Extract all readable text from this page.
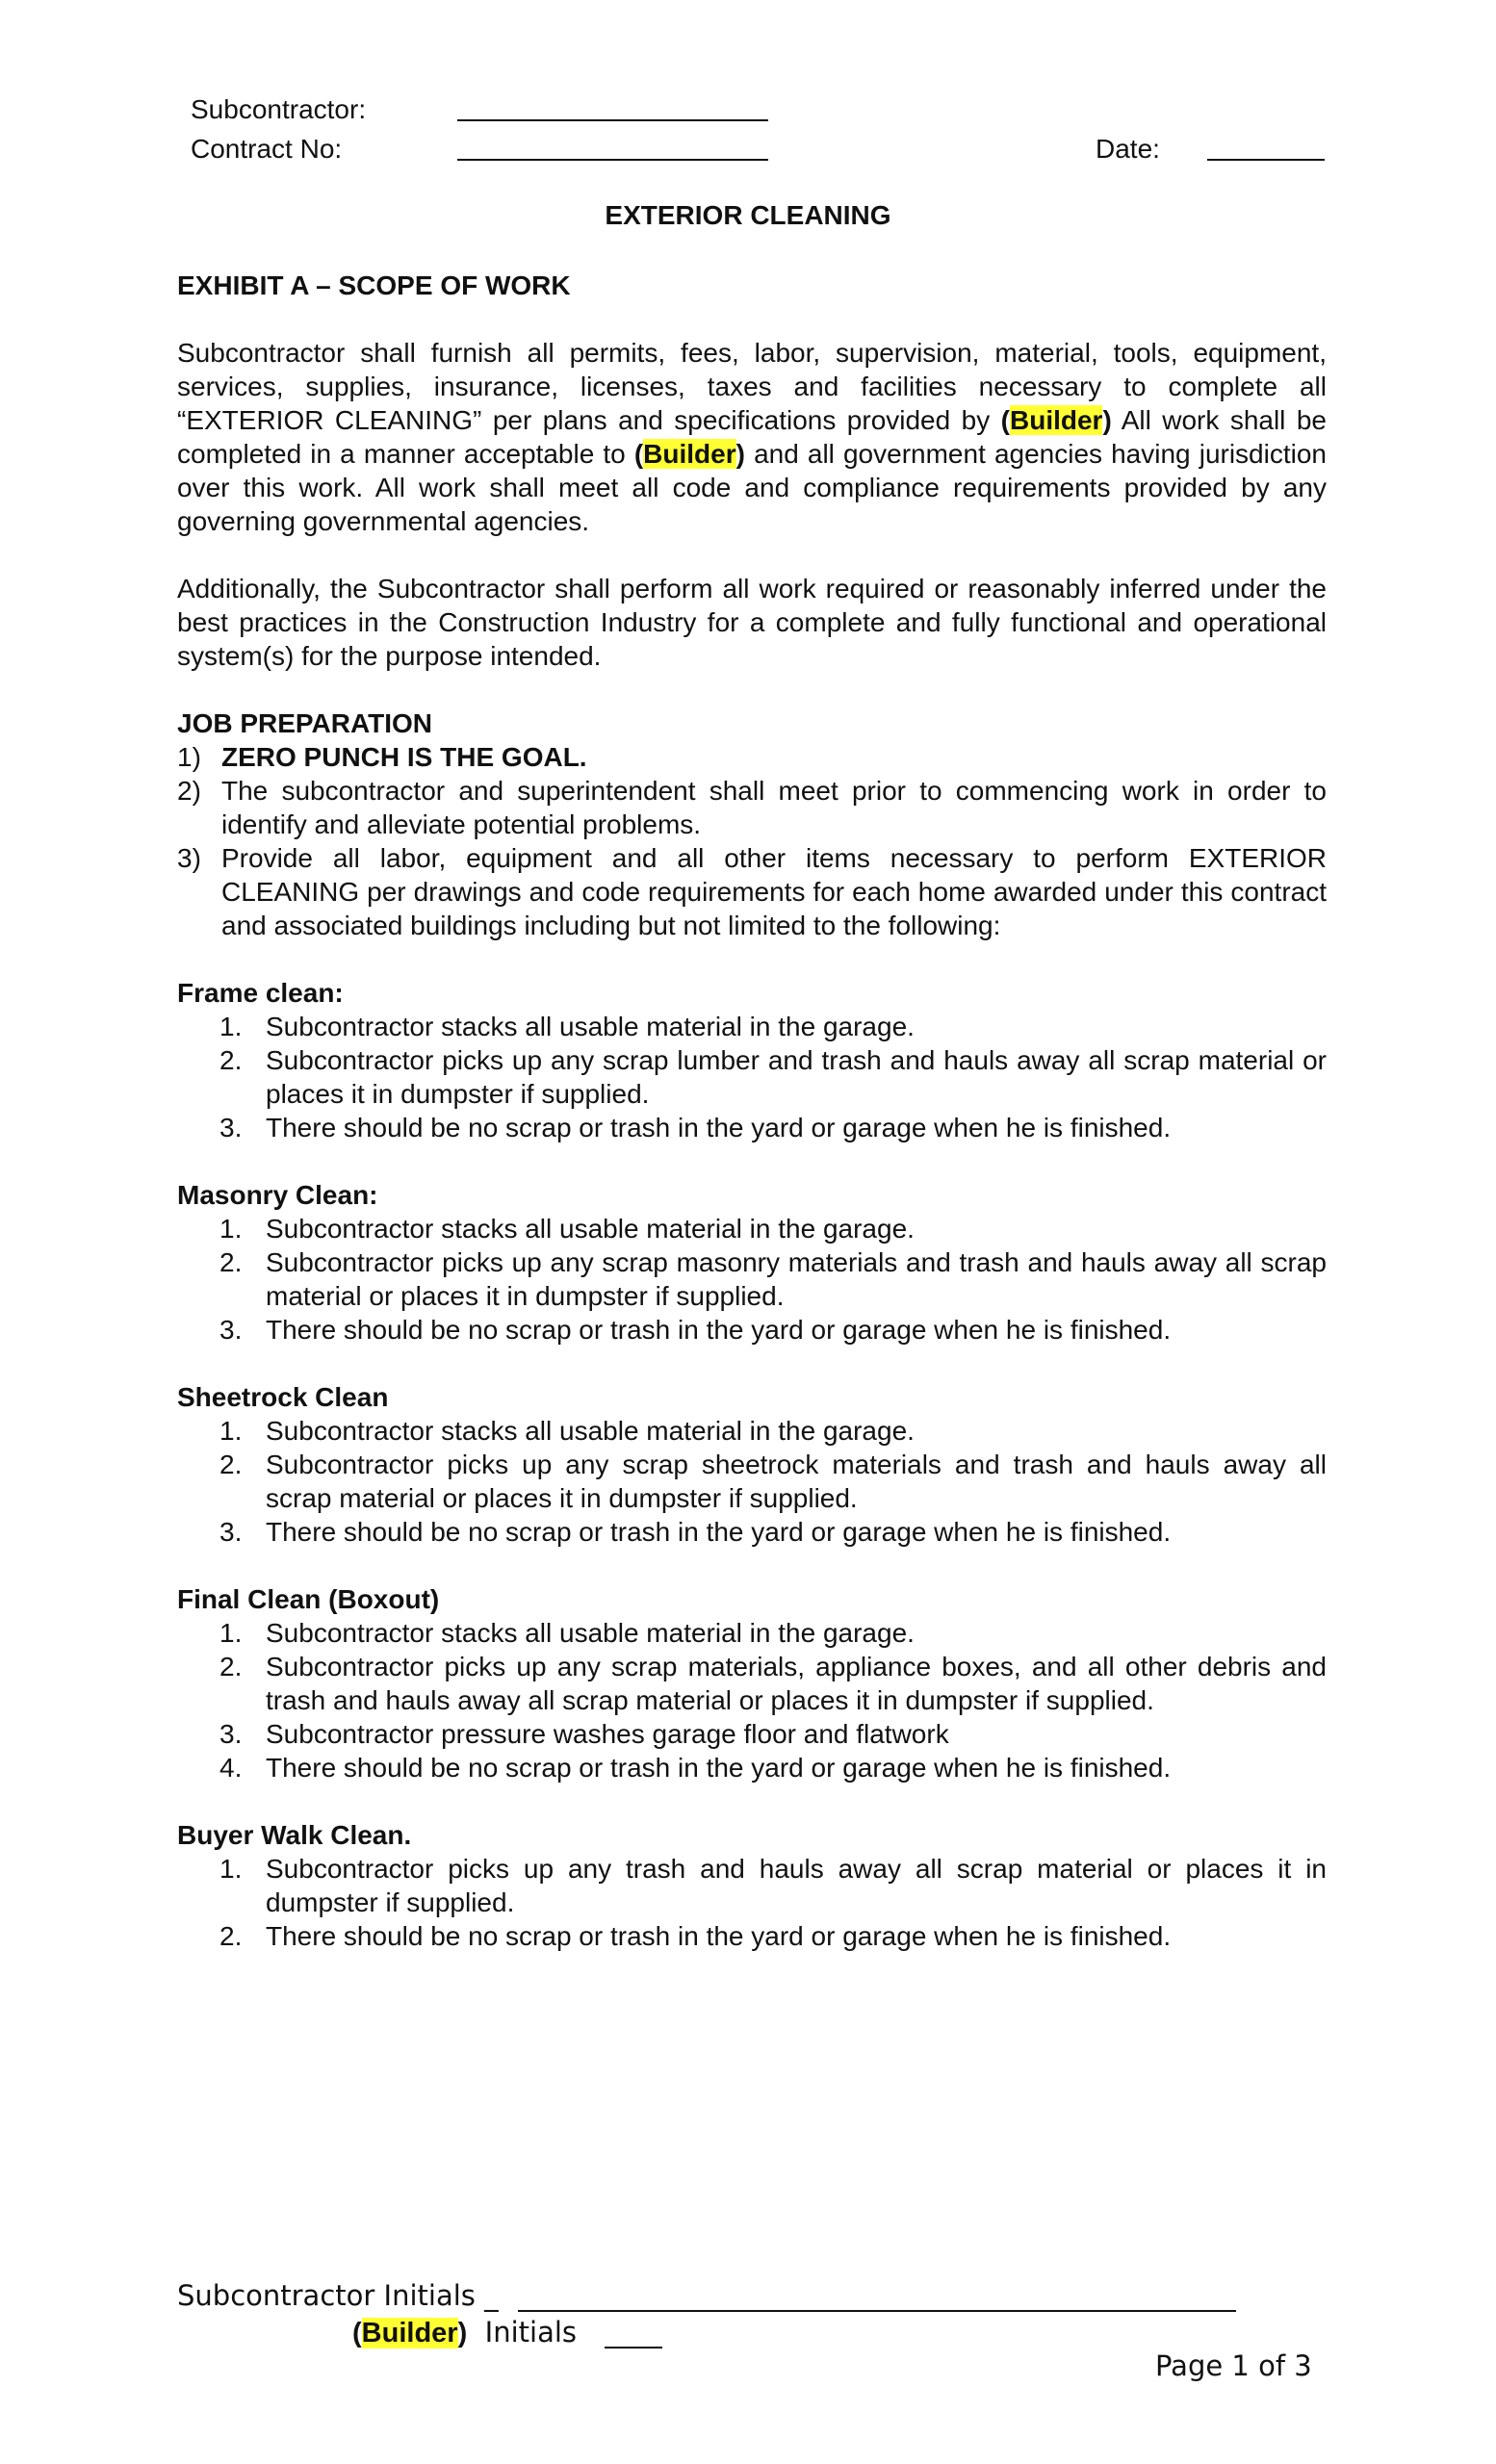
Subcontractor:
Contract No:	Date:
EXTERIOR CLEANING
EXHIBIT A – SCOPE OF WORK

Subcontractor shall furnish all permits, fees, labor, supervision, material, tools, equipment, services, supplies, insurance, licenses, taxes and facilities necessary to complete all “EXTERIOR CLEANING” per plans and specifications provided by (Builder) All work shall be completed in a manner acceptable to (Builder) and all government agencies having jurisdiction over this work. All work shall meet all code and compliance requirements provided by any governing governmental agencies.

Additionally, the Subcontractor shall perform all work required or reasonably inferred under the best practices in the Construction Industry for a complete and fully functional and operational system(s) for the purpose intended.

JOB PREPARATION
1) ZERO PUNCH IS THE GOAL.
2) The subcontractor and superintendent shall meet prior to commencing work in order to identify and alleviate potential problems.
3) Provide all labor, equipment and all other items necessary to perform EXTERIOR CLEANING per drawings and code requirements for each home awarded under this contract and associated buildings including but not limited to the following:
Frame clean:
1. Subcontractor stacks all usable material in the garage.
2. Subcontractor picks up any scrap lumber and trash and hauls away all scrap material or places it in dumpster if supplied.
3. There should be no scrap or trash in the yard or garage when he is finished.
Masonry Clean:
1. Subcontractor stacks all usable material in the garage.
2. Subcontractor picks up any scrap masonry materials and trash and hauls away all scrap material or places it in dumpster if supplied.
3. There should be no scrap or trash in the yard or garage when he is finished.
Sheetrock Clean
1. Subcontractor stacks all usable material in the garage.
2. Subcontractor picks up any scrap sheetrock materials and trash and hauls away all scrap material or places it in dumpster if supplied.
3. There should be no scrap or trash in the yard or garage when he is finished.
Final Clean (Boxout)
1. Subcontractor stacks all usable material in the garage.
2. Subcontractor picks up any scrap materials, appliance boxes, and all other debris and trash and hauls away all scrap material or places it in dumpster if supplied.
3. Subcontractor pressure washes garage floor and flatwork
4. There should be no scrap or trash in the yard or garage when he is finished.
Buyer Walk Clean.
1. Subcontractor picks up any trash and hauls away all scrap material or places it in dumpster if supplied.
2. There should be no scrap or trash in the yard or garage when he is finished.
Subcontractor Initials _
(Builder)  Initials
Page 1 of 3
